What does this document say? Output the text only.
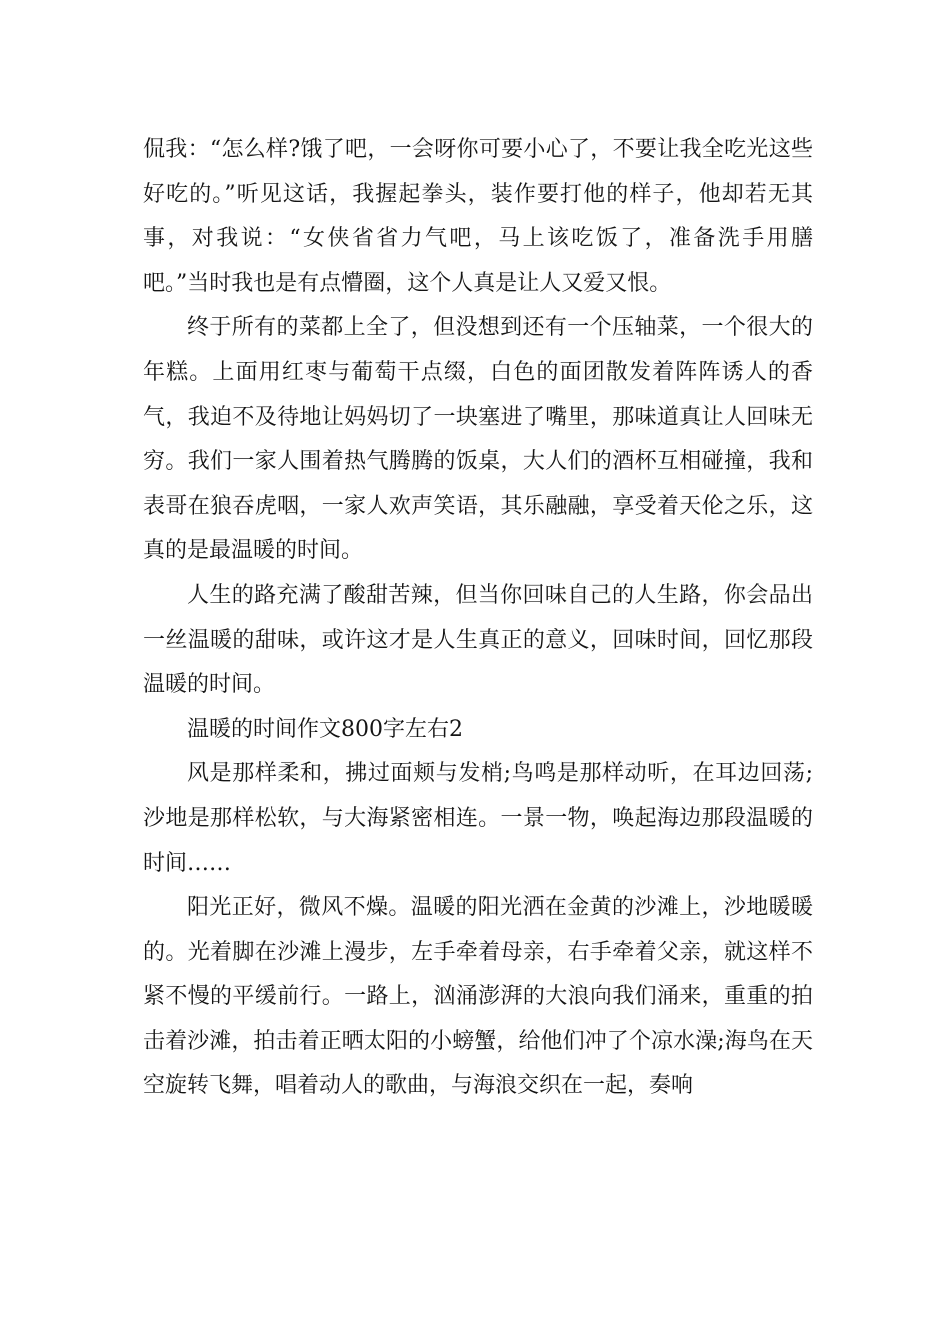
侃我：“怎么样?饿了吧，一会呀你可要小心了，不要让我全吃光这些好吃的。”听见这话，我握起拳头，装作要打他的样子，他却若无其事，对我说：“女侠省省力气吧，马上该吃饭了，准备洗手用膳吧。”当时我也是有点懵圈，这个人真是让人又爱又恨。

终于所有的菜都上全了，但没想到还有一个压轴菜，一个很大的年糕。上面用红枣与葡萄干点缀，白色的面团散发着阵阵诱人的香气，我迫不及待地让妈妈切了一块塞进了嘴里，那味道真让人回味无穷。我们一家人围着热气腾腾的饭桌，大人们的酒杯互相碰撞，我和表哥在狼吞虎咽，一家人欢声笑语，其乐融融，享受着天伦之乐，这真的是最温暖的时间。

人生的路充满了酸甜苦辣，但当你回味自己的人生路，你会品出一丝温暖的甜味，或许这才是人生真正的意义，回味时间，回忆那段温暖的时间。

温暖的时间作文800字左右2

风是那样柔和，拂过面颊与发梢;鸟鸣是那样动听，在耳边回荡;沙地是那样松软，与大海紧密相连。一景一物，唤起海边那段温暖的时间……

阳光正好，微风不燥。温暖的阳光洒在金黄的沙滩上，沙地暖暖的。光着脚在沙滩上漫步，左手牵着母亲，右手牵着父亲，就这样不紧不慢的平缓前行。一路上，汹涌澎湃的大浪向我们涌来，重重的拍击着沙滩，拍击着正晒太阳的小螃蟹，给他们冲了个凉水澡;海鸟在天空旋转飞舞，唱着动人的歌曲，与海浪交织在一起，奏响
